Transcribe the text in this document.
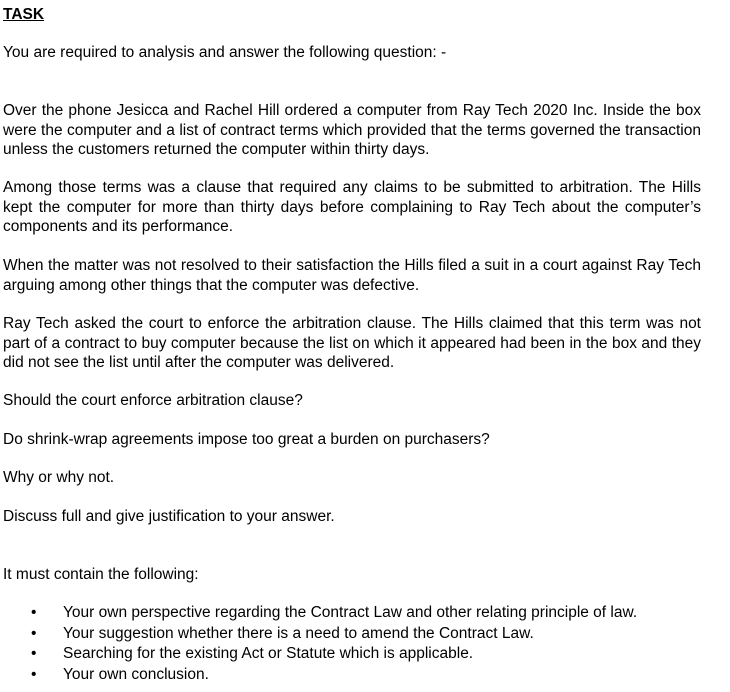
TASK
You are required to analysis and answer the following question: -
Over the phone Jesicca and Rachel Hill ordered a computer from Ray Tech 2020 Inc. Inside the box were the computer and a list of contract terms which provided that the terms governed the transaction unless the customers returned the computer within thirty days.
Among those terms was a clause that required any claims to be submitted to arbitration. The Hills kept the computer for more than thirty days before complaining to Ray Tech about the computer’s components and its performance.
When the matter was not resolved to their satisfaction the Hills filed a suit in a court against Ray Tech arguing among other things that the computer was defective.
Ray Tech asked the court to enforce the arbitration clause. The Hills claimed that this term was not part of a contract to buy computer because the list on which it appeared had been in the box and they did not see the list until after the computer was delivered.
Should the court enforce arbitration clause?
Do shrink-wrap agreements impose too great a burden on purchasers?
Why or why not.
Discuss full and give justification to your answer.
It must contain the following:
• Your own perspective regarding the Contract Law and other relating principle of law.
• Your suggestion whether there is a need to amend the Contract Law.
• Searching for the existing Act or Statute which is applicable.
• Your own conclusion.
